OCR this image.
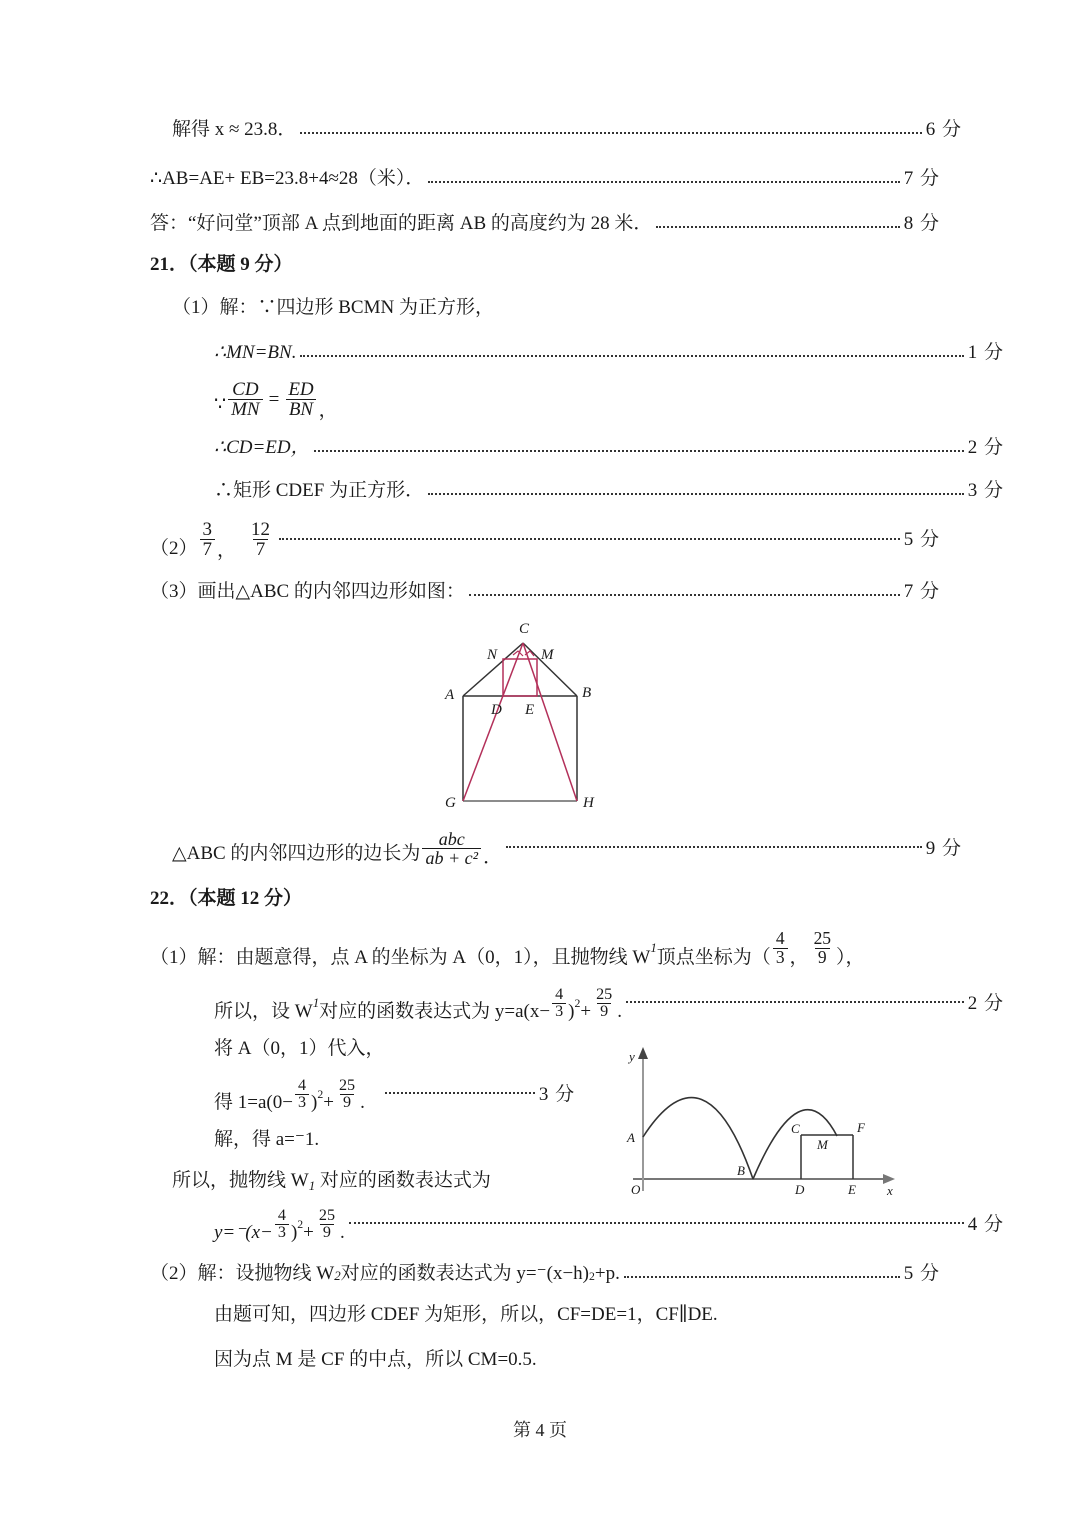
解得 x ≈ 23.8．	6 分
∴AB=AE+ EB=23.8+4≈28（米）．	7 分
答：“好问堂”顶部 A 点到地面的距离 AB 的高度约为 28 米．	8 分
21．（本题 9 分）
（1）解：∵四边形 BCMN 为正方形，
∴MN=BN.	1 分
∵ $\frac{CD}{MN} = \frac{ED}{BN}$ ，
∴CD=ED，	2 分
∴矩形 CDEF 为正方形．	3 分
$(2) \frac{3}{7}$ ， $\frac{12}{7}$	5 分
（3）画出△ABC 的内邻四边形如图：	7 分
C
N	M
A	B
D E
G	H
△ABC 的内邻四边形的边长为 $\frac{\text{abc}}{\text{ab + c²}}$ ．	9 分
22．（本题 12 分）
（1）解：由题意得，点 A 的坐标为 A（0，1），且抛物线 W 1 顶点坐标为（ $\frac{4}{3}$ ， $\frac{25}{9}$ ），
所以，设 W 1 对应的函数表达式为 $y=a(x- \frac{4}{3}$ ) $2 + \frac{25}{9}$ .	2 分
将 A（0，1）代入，
得 $1=a(0- \frac{4}{3}$ ) $2 + \frac{25}{9}$ .	3 分
解，得 a=⁻1.
所以，抛物线 $W_1$ 对应的函数表达式为
y
x
O
A
B
C
D	E
F
M
$y=^-(x- \frac{4}{3}$ ) $2 + \frac{25}{9}$ .	4 分
（2）解：设抛物线 W 2 对应的函数表达式为 y=⁻(x−h) 2 +p.	5 分
由题可知，四边形 CDEF 为矩形，所以，CF=DE=1，CF∥DE.
因为点 M 是 CF 的中点，所以 CM=0.5.
第 4 页
